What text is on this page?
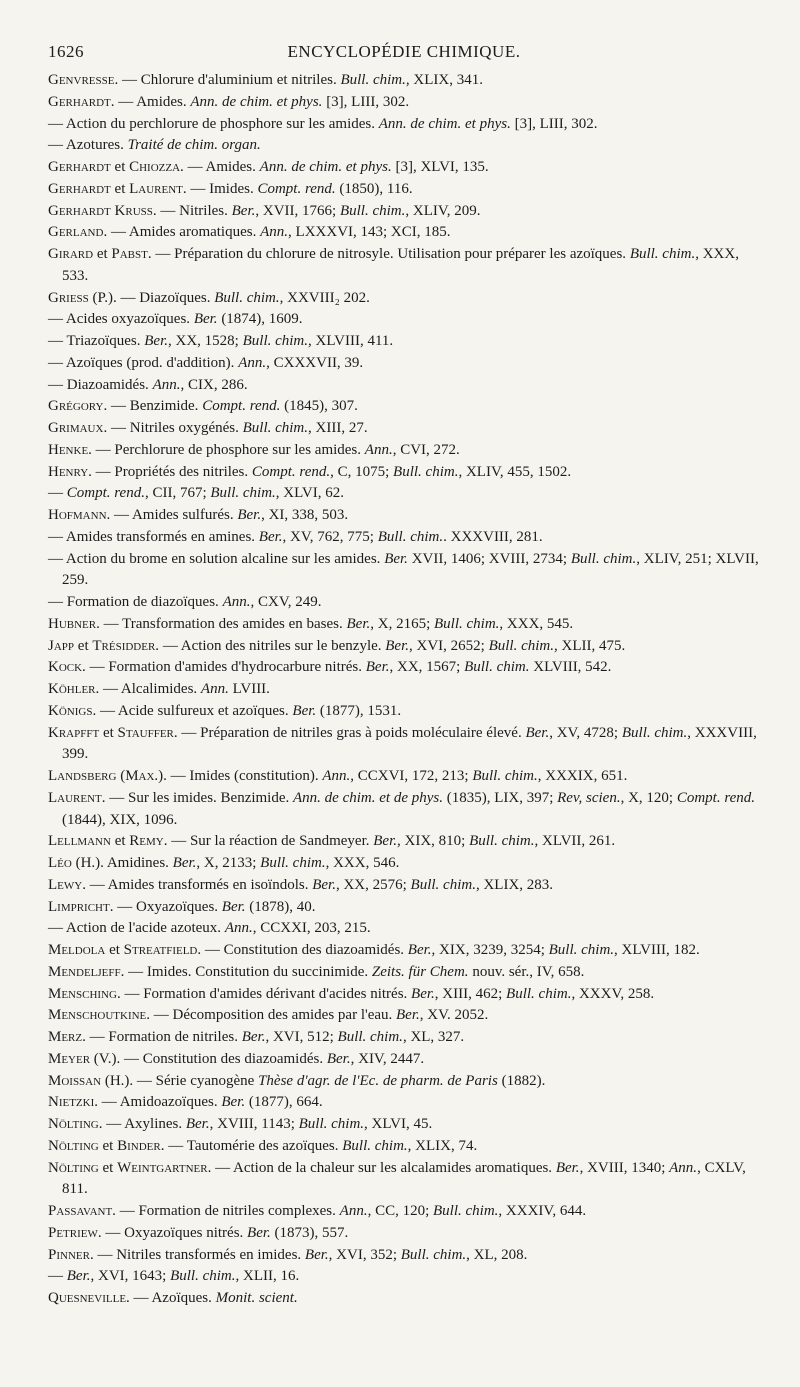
1626	ENCYCLOPÉDIE CHIMIQUE.
Genvresse. — Chlorure d'aluminium et nitriles. Bull. chim., XLIX, 341.
Gerhardt. — Amides. Ann. de chim. et phys. [3], LIII, 302.
— Action du perchlorure de phosphore sur les amides. Ann. de chim. et phys. [3], LIII, 302.
— Azotures. Traité de chim. organ.
Gerhardt et Chiozza. — Amides. Ann. de chim. et phys. [3], XLVI, 135.
Gerhardt et Laurent. — Imides. Compt. rend. (1850), 116.
Gerhardt Kruss. — Nitriles. Ber., XVII, 1766; Bull. chim., XLIV, 209.
Gerland. — Amides aromatiques. Ann., LXXXVI, 143; XCI, 185.
Girard et Pabst. — Préparation du chlorure de nitrosyle. Utilisation pour préparer les azoïques. Bull. chim., XXX, 533.
Griess (P.). — Diazoïques. Bull. chim., XXVIII₂ 202.
— Acides oxyazoïques. Ber. (1874), 1609.
— Triazoïques. Ber., XX, 1528; Bull. chim., XLVIII, 411.
— Azoïques (prod. d'addition). Ann., CXXXVII, 39.
— Diazoamidés. Ann., CIX, 286.
Grégory. — Benzimide. Compt. rend. (1845), 307.
Grimaux. — Nitriles oxygénés. Bull. chim., XIII, 27.
Henke. — Perchlorure de phosphore sur les amides. Ann., CVI, 272.
Henry. — Propriétés des nitriles. Compt. rend., C, 1075; Bull. chim., XLIV, 455, 1502.
— Compt. rend., CII, 767; Bull. chim., XLVI, 62.
Hofmann. — Amides sulfurés. Ber., XI, 338, 503.
— Amides transformés en amines. Ber., XV, 762, 775; Bull. chim.. XXXVIII, 281.
— Action du brome en solution alcaline sur les amides. Ber. XVII, 1406; XVIII, 2734; Bull. chim., XLIV, 251; XLVII, 259.
— Formation de diazoïques. Ann., CXV, 249.
Hubner. — Transformation des amides en bases. Ber., X, 2165; Bull. chim., XXX, 545.
Japp et Trésidder. — Action des nitriles sur le benzyle. Ber., XVI, 2652; Bull. chim., XLII, 475.
Kock. — Formation d'amides d'hydrocarbure nitrés. Ber., XX, 1567; Bull. chim. XLVIII, 542.
Köhler. — Alcalimides. Ann. LVIII.
Königs. — Acide sulfureux et azoïques. Ber. (1877), 1531.
Krapfft et Stauffer. — Préparation de nitriles gras à poids moléculaire élevé. Ber., XV, 4728; Bull. chim., XXXVIII, 399.
Landsberg (Max.). — Imides (constitution). Ann., CCXVI, 172, 213; Bull. chim., XXXIX, 651.
Laurent. — Sur les imides. Benzimide. Ann. de chim. et de phys. (1835), LIX, 397; Rev, scien., X, 120; Compt. rend. (1844), XIX, 1096.
Lellmann et Remy. — Sur la réaction de Sandmeyer. Ber., XIX, 810; Bull. chim., XLVII, 261.
Léo (H.). Amidines. Ber., X, 2133; Bull. chim., XXX, 546.
Lewy. — Amides transformés en isoïndols. Ber., XX, 2576; Bull. chim., XLIX, 283.
Limpricht. — Oxyazoïques. Ber. (1878), 40.
— Action de l'acide azoteux. Ann., CCXXI, 203, 215.
Meldola et Streatfield. — Constitution des diazoamidés. Ber., XIX, 3239, 3254; Bull. chim., XLVIII, 182.
Mendeljeff. — Imides. Constitution du succinimide. Zeits. für Chem. nouv. sér., IV, 658.
Mensching. — Formation d'amides dérivant d'acides nitrés. Ber., XIII, 462; Bull. chim., XXXV, 258.
Menschoutkine. — Décomposition des amides par l'eau. Ber., XV. 2052.
Merz. — Formation de nitriles. Ber., XVI, 512; Bull. chim., XL, 327.
Meyer (V.). — Constitution des diazoamidés. Ber., XIV, 2447.
Moissan (H.). — Série cyanogène Thèse d'agr. de l'Ec. de pharm. de Paris (1882).
Nietzki. — Amidoazoïques. Ber. (1877), 664.
Nölting. — Axylines. Ber., XVIII, 1143; Bull. chim., XLVI, 45.
Nölting et Binder. — Tautomérie des azoïques. Bull. chim., XLIX, 74.
Nölting et Weintgartner. — Action de la chaleur sur les alcalamides aromatiques. Ber., XVIII, 1340; Ann., CXLV, 811.
Passavant. — Formation de nitriles complexes. Ann., CC, 120; Bull. chim., XXXIV, 644.
Petriew. — Oxyazoïques nitrés. Ber. (1873), 557.
Pinner. — Nitriles transformés en imides. Ber., XVI, 352; Bull. chim., XL, 208.
— Ber., XVI, 1643; Bull. chim., XLII, 16.
Quesneville. — Azoïques. Monit. scient.
